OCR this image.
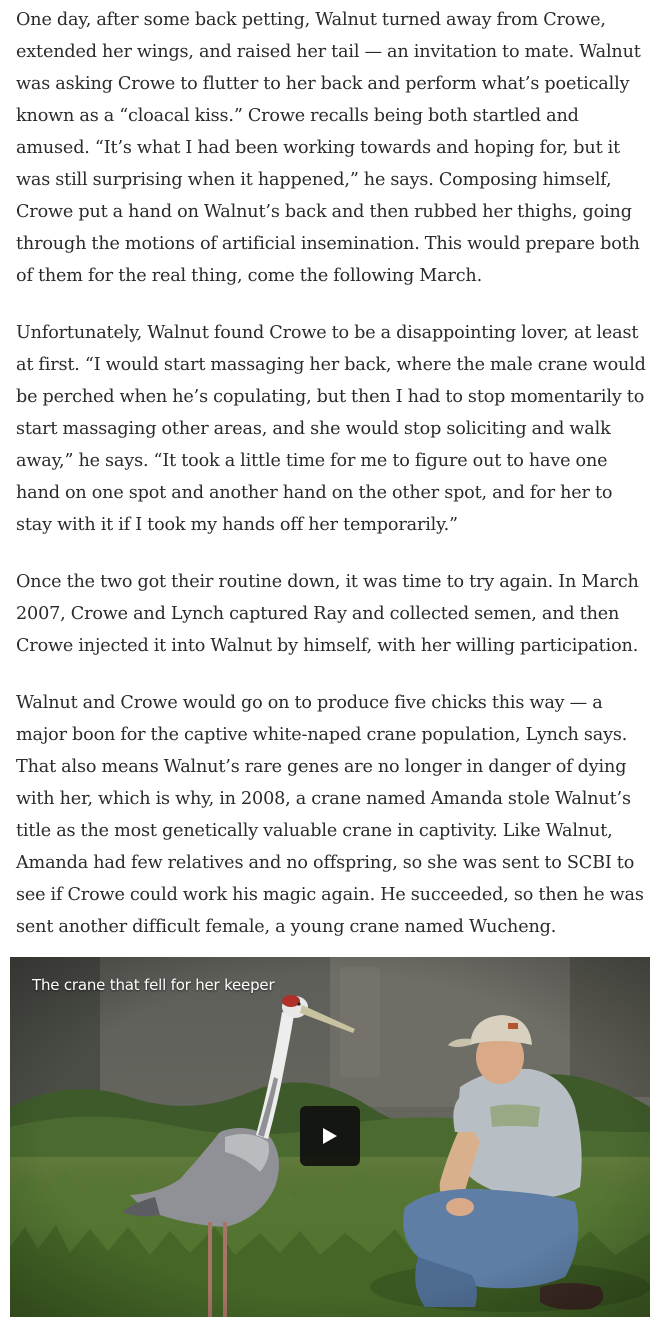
One day, after some back petting, Walnut turned away from Crowe, extended her wings, and raised her tail — an invitation to mate. Walnut was asking Crowe to flutter to her back and perform what’s poetically known as a “cloacal kiss.” Crowe recalls being both startled and amused. “It’s what I had been working towards and hoping for, but it was still surprising when it happened,” he says. Composing himself, Crowe put a hand on Walnut’s back and then rubbed her thighs, going through the motions of artificial insemination. This would prepare both of them for the real thing, come the following March.

Unfortunately, Walnut found Crowe to be a disappointing lover, at least at first. “I would start massaging her back, where the male crane would be perched when he’s copulating, but then I had to stop momentarily to start massaging other areas, and she would stop soliciting and walk away,” he says. “It took a little time for me to figure out to have one hand on one spot and another hand on the other spot, and for her to stay with it if I took my hands off her temporarily.”

Once the two got their routine down, it was time to try again. In March 2007, Crowe and Lynch captured Ray and collected semen, and then Crowe injected it into Walnut by himself, with her willing participation.

Walnut and Crowe would go on to produce five chicks this way — a major boon for the captive white-naped crane population, Lynch says. That also means Walnut’s rare genes are no longer in danger of dying with her, which is why, in 2008, a crane named Amanda stole Walnut’s title as the most genetically valuable crane in captivity. Like Walnut, Amanda had few relatives and no offspring, so she was sent to SCBI to see if Crowe could work his magic again. He succeeded, so then he was sent another difficult female, a young crane named Wucheng.

The crane that fell for her keeper
